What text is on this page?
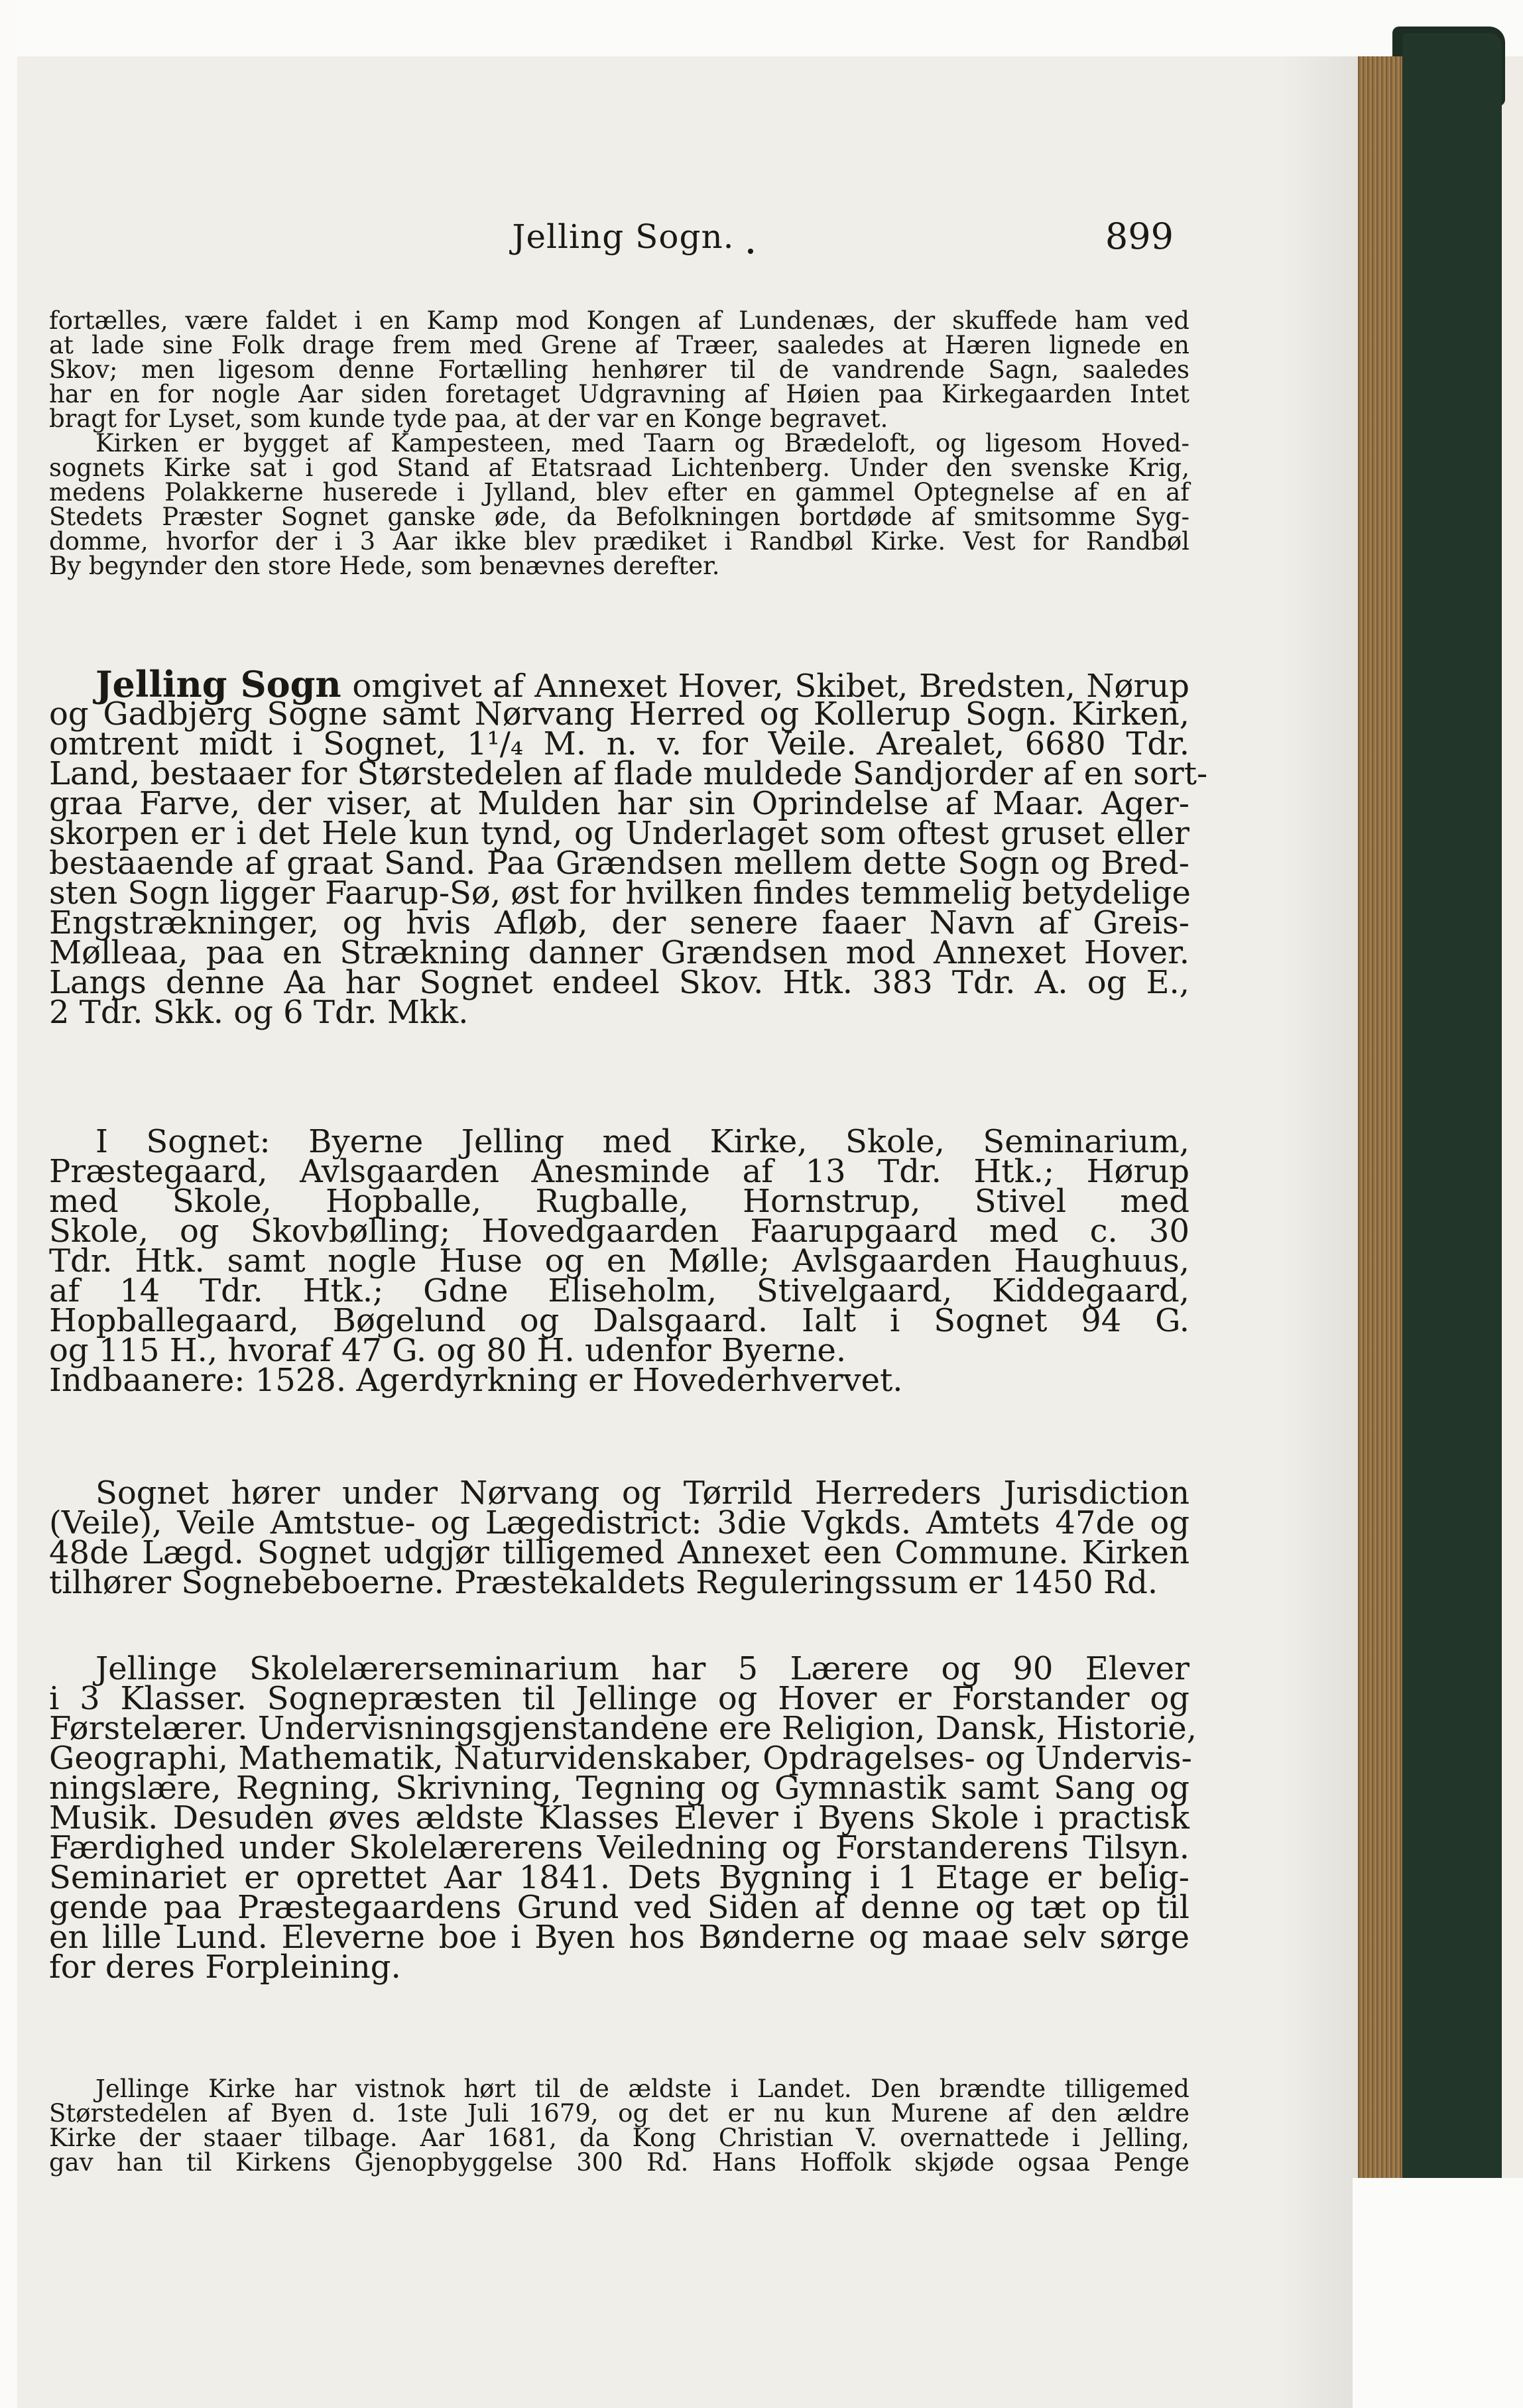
Jelling Sogn.	899
fortælles, være faldet i en Kamp mod Kongen af Lundenæs, der skuffede ham ved
at lade sine Folk drage frem med Grene af Træer, saaledes at Hæren lignede en
Skov; men ligesom denne Fortælling henhører til de vandrende Sagn, saaledes
har en for nogle Aar siden foretaget Udgravning af Høien paa Kirkegaarden Intet
bragt for Lyset, som kunde tyde paa, at der var en Konge begravet.
Kirken er bygget af Kampesteen, med Taarn og Brædeloft, og ligesom Hoved-
sognets Kirke sat i god Stand af Etatsraad Lichtenberg. Under den svenske Krig,
medens Polakkerne huserede i Jylland, blev efter en gammel Optegnelse af en af
Stedets Præster Sognet ganske øde, da Befolkningen bortdøde af smitsomme Syg-
domme, hvorfor der i 3 Aar ikke blev prædiket i Randbøl Kirke. Vest for Randbøl
By begynder den store Hede, som benævnes derefter.
Jelling Sogn omgivet af Annexet Hover, Skibet, Bredsten, Nørup
og Gadbjerg Sogne samt Nørvang Herred og Kollerup Sogn. Kirken,
omtrent midt i Sognet, 1¹/₄ M. n. v. for Veile. Arealet, 6680 Tdr.
Land, bestaaer for Størstedelen af flade muldede Sandjorder af en sort-
graa Farve, der viser, at Mulden har sin Oprindelse af Maar. Ager-
skorpen er i det Hele kun tynd, og Underlaget som oftest gruset eller
bestaaende af graat Sand. Paa Grændsen mellem dette Sogn og Bred-
sten Sogn ligger Faarup-Sø, øst for hvilken findes temmelig betydelige
Engstrækninger, og hvis Afløb, der senere faaer Navn af Greis-
Mølleaa, paa en Strækning danner Grændsen mod Annexet Hover.
Langs denne Aa har Sognet endeel Skov. Htk. 383 Tdr. A. og E.,
2 Tdr. Skk. og 6 Tdr. Mkk.
I Sognet: Byerne Jelling med Kirke, Skole, Seminarium,
Præstegaard, Avlsgaarden Anesminde af 13 Tdr. Htk.; Hørup
med Skole, Hopballe, Rugballe, Hornstrup, Stivel med
Skole, og Skovbølling; Hovedgaarden Faarupgaard med c. 30
Tdr. Htk. samt nogle Huse og en Mølle; Avlsgaarden Haughuus,
af 14 Tdr. Htk.; Gdne Eliseholm, Stivelgaard, Kiddegaard,
Hopballegaard, Bøgelund og Dalsgaard. Ialt i Sognet 94 G.
og 115 H., hvoraf 47 G. og 80 H. udenfor Byerne.
Indbaanere: 1528. Agerdyrkning er Hovederhvervet.
Sognet hører under Nørvang og Tørrild Herreders Jurisdiction
(Veile), Veile Amtstue- og Lægedistrict: 3die Vgkds. Amtets 47de og
48de Lægd. Sognet udgjør tilligemed Annexet een Commune. Kirken
tilhører Sognebeboerne. Præstekaldets Reguleringssum er 1450 Rd.
Jellinge Skolelærerseminarium har 5 Lærere og 90 Elever
i 3 Klasser. Sognepræsten til Jellinge og Hover er Forstander og
Førstelærer. Undervisningsgjenstandene ere Religion, Dansk, Historie,
Geographi, Mathematik, Naturvidenskaber, Opdragelses- og Undervis-
ningslære, Regning, Skrivning, Tegning og Gymnastik samt Sang og
Musik. Desuden øves ældste Klasses Elever i Byens Skole i practisk
Færdighed under Skolelærerens Veiledning og Forstanderens Tilsyn.
Seminariet er oprettet Aar 1841. Dets Bygning i 1 Etage er belig-
gende paa Præstegaardens Grund ved Siden af denne og tæt op til
en lille Lund. Eleverne boe i Byen hos Bønderne og maae selv sørge
for deres Forpleining.
Jellinge Kirke har vistnok hørt til de ældste i Landet. Den brændte tilligemed
Størstedelen af Byen d. 1ste Juli 1679, og det er nu kun Murene af den ældre
Kirke der staaer tilbage. Aar 1681, da Kong Christian V. overnattede i Jelling,
gav han til Kirkens Gjenopbyggelse 300 Rd. Hans Hoffolk skjøde ogsaa Penge
